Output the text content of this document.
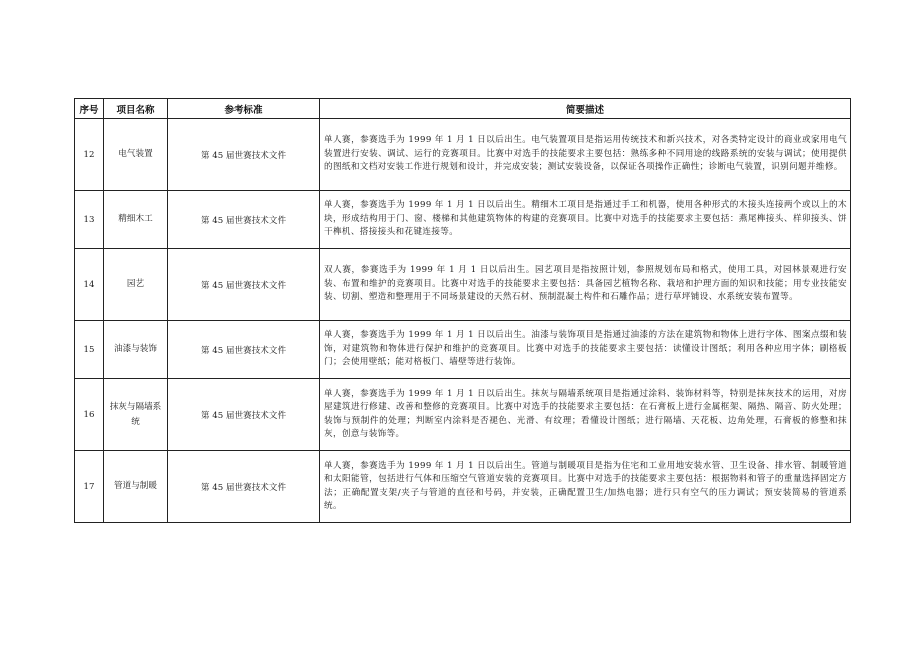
序号	项目名称	参考标准	简要描述
12	电气装置	第 45 届世赛技术文件	单人赛，参赛选手为 1999 年 1 月 1 日以后出生。电气装置项目是指运用传统技术和新兴技术，对各类特定设计的商业或家用电气装置进行安装、调试、运行的竞赛项目。比赛中对选手的技能要求主要包括：熟练多种不同用途的线路系统的安装与调试；使用提供的图纸和文档对安装工作进行规划和设计，并完成安装；测试安装设备，以保证各项操作正确性；诊断电气装置，识别问题并维修。
13	精细木工	第 45 届世赛技术文件	单人赛，参赛选手为 1999 年 1 月 1 日以后出生。精细木工项目是指通过手工和机器，使用各种形式的木接头连接两个或以上的木块，形成结构用于门、窗、楼梯和其他建筑物体的构建的竞赛项目。比赛中对选手的技能要求主要包括：燕尾榫接头、样卯接头、饼干榫机、搭接接头和花键连接等。
14	园艺	第 45 届世赛技术文件	双人赛，参赛选手为 1999 年 1 月 1 日以后出生。园艺项目是指按照计划，参照规划布局和格式，使用工具，对园林景观进行安装、布置和维护的竞赛项目。比赛中对选手的技能要求主要包括：具备园艺植物名称、栽培和护理方面的知识和技能；用专业技能安装、切割、塑造和整理用于不同场景建设的天然石材、预制混凝土构件和石雕作品；进行草坪铺设、水系统安装布置等。
15	油漆与装饰	第 45 届世赛技术文件	单人赛，参赛选手为 1999 年 1 月 1 日以后出生。油漆与装饰项目是指通过油漆的方法在建筑物和物体上进行字体、图案点缀和装饰，对建筑物和物体进行保护和维护的竞赛项目。比赛中对选手的技能要求主要包括：读懂设计图纸；利用各种应用字体；刷格板门；会使用壁纸；能对格板门、墙壁等进行装饰。
16	抹灰与隔墙系统	第 45 届世赛技术文件	单人赛，参赛选手为 1999 年 1 月 1 日以后出生。抹灰与隔墙系统项目是指通过涂料、装饰材料等，特别是抹灰技术的运用，对房屋建筑进行修建、改善和整修的竞赛项目。比赛中对选手的技能要求主要包括：在石膏板上进行金属框架、隔热、隔音、防火处理；装饰与预制件的处理；判断室内涂料是否褪色、光滑、有纹理；看懂设计图纸；进行隔墙、天花板、边角处理，石膏板的修整和抹灰，创意与装饰等。
17	管道与制暖	第 45 届世赛技术文件	单人赛，参赛选手为 1999 年 1 月 1 日以后出生。管道与制暖项目是指为住宅和工业用地安装水管、卫生设备、排水管、制暖管道和太阳能管，包括进行气体和压缩空气管道安装的竞赛项目。比赛中对选手的技能要求主要包括：根据物料和管子的重量选择固定方法；正确配置支架/夹子与管道的直径和号码，并安装，正确配置卫生/加热电器；进行只有空气的压力调试；预安装简易的管道系统。
